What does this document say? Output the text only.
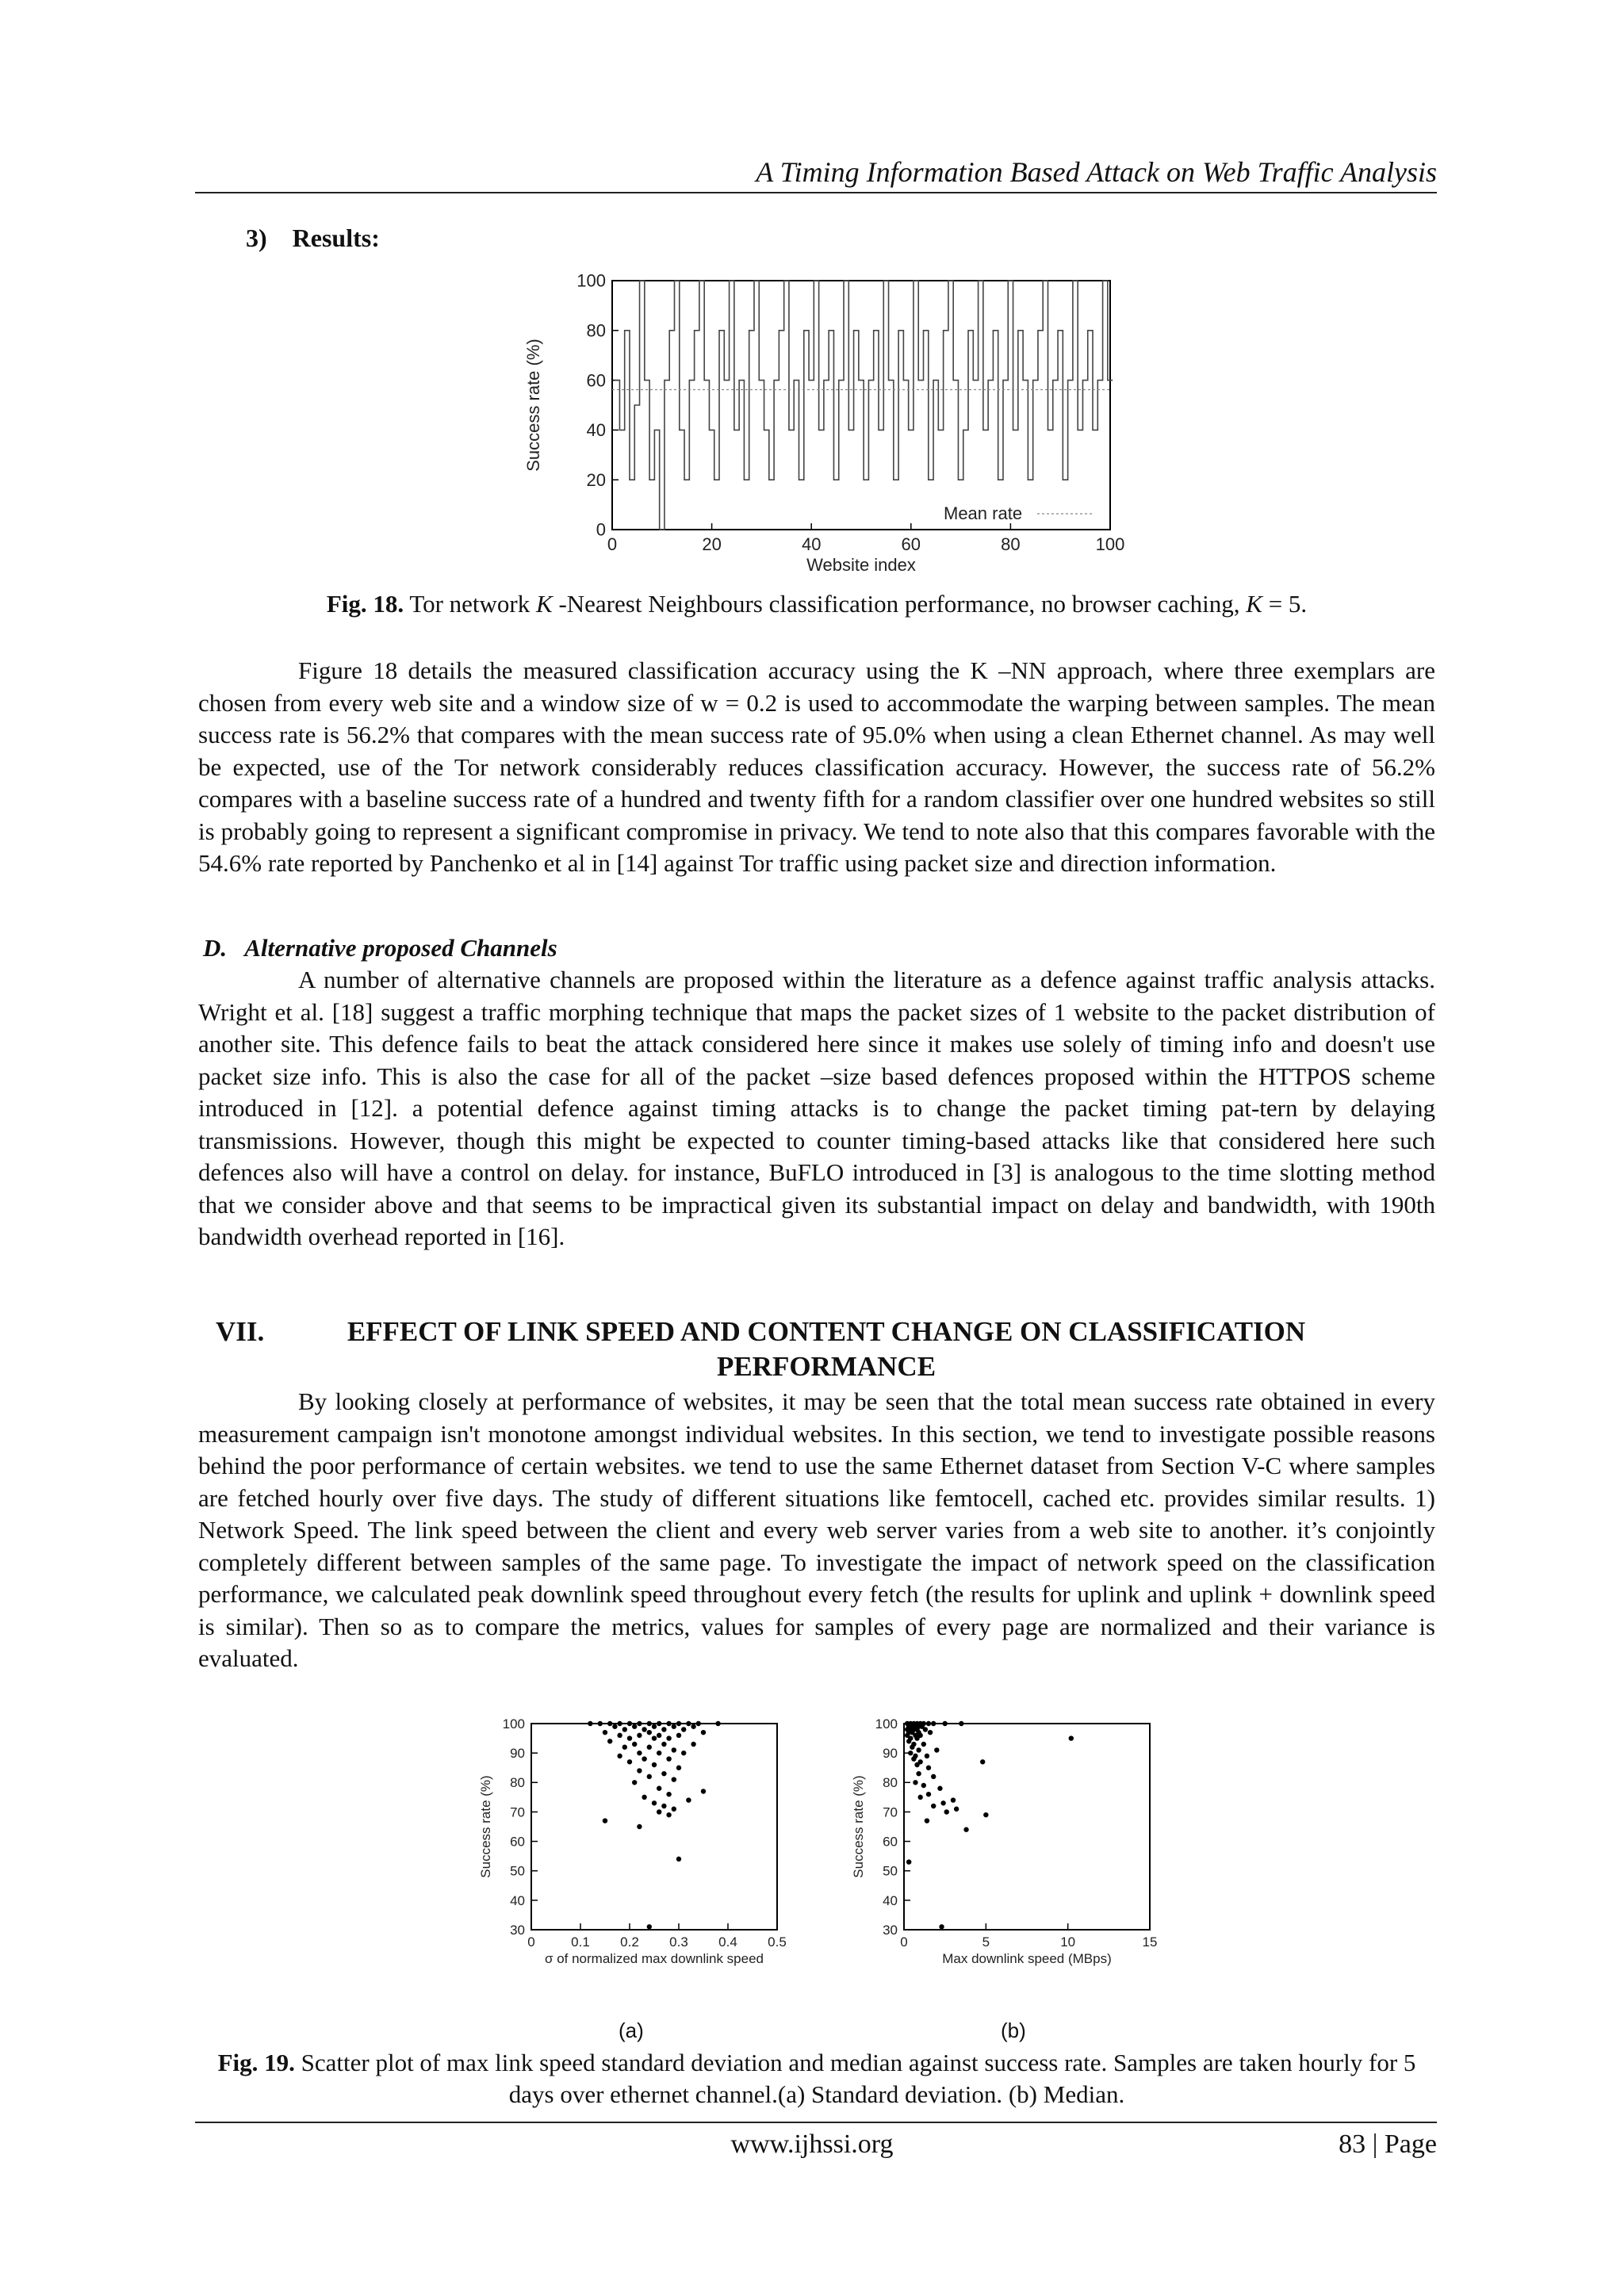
A Timing Information Based Attack on Web Traffic Analysis
3)    Results:
0	20	40	60	80	100
0
20
40
60
80
100
Website index
Success rate (%)
Mean rate
Fig. 18. Tor network K -Nearest Neighbours classification performance, no browser caching, K = 5.
Figure 18 details the measured classification accuracy using the K –NN approach, where three exemplars are chosen from every web site and a window size of w = 0.2 is used to accommodate the warping between samples. The mean success rate is 56.2% that compares with the mean success rate of 95.0% when using a clean Ethernet channel. As may well be expected, use of the Tor network considerably reduces classification accuracy. However, the success rate of 56.2% compares with a baseline success rate of a hundred and twenty fifth for a random classifier over one hundred websites so still is probably going to represent a significant compromise in privacy. We tend to note also that this compares favorable with the 54.6% rate reported by Panchenko et al in [14] against Tor traffic using packet size and direction information.
D.   Alternative proposed Channels
A number of alternative channels are proposed within the literature as a defence against traffic analysis attacks. Wright et al. [18] suggest a traffic morphing technique that maps the packet sizes of 1 website to the packet distribution of another site. This defence fails to beat the attack considered here since it makes use solely of timing info and doesn't use packet size info. This is also the case for all of the packet –size based defences proposed within the HTTPOS scheme introduced in [12]. a potential defence against timing attacks is to change the packet timing pat-tern by delaying transmissions. However, though this might be expected to counter timing-based attacks like that considered here such defences also will have a control on delay. for instance, BuFLO introduced in [3] is analogous to the time slotting method that we consider above and that seems to be impractical given its substantial impact on delay and bandwidth, with 190th bandwidth overhead reported in [16].
VII.	EFFECT OF LINK SPEED AND CONTENT CHANGE ON CLASSIFICATION
PERFORMANCE
By looking closely at performance of websites, it may be seen that the total mean success rate obtained in every measurement campaign isn't monotone amongst individual websites. In this section, we tend to investigate possible reasons behind the poor performance of certain websites. we tend to use the same Ethernet dataset from Section V-C where samples are fetched hourly over five days. The study of different situations like femtocell, cached etc. provides similar results. 1) Network Speed. The link speed between the client and every web server varies from a web site to another. it’s conjointly completely different between samples of the same page. To investigate the impact of network speed on the classification performance, we calculated peak downlink speed throughout every fetch (the results for uplink and uplink + downlink speed is similar). Then so as to compare the metrics, values for samples of every page are normalized and their variance is evaluated.
0	0.1 0.2 0.3 0.4 0.5
30
40
50
60
70
80
90
100
σ of normalized max downlink speed
Success rate (%)
0	5	10	15
30
40
50
60
70
80
90
100
Max downlink speed (MBps)
Success rate (%)
(a)	(b)
Fig. 19. Scatter plot of max link speed standard deviation and median against success rate. Samples are taken hourly for 5 days over ethernet channel.(a) Standard deviation. (b) Median.
www.ijhssi.org	83 | Page
